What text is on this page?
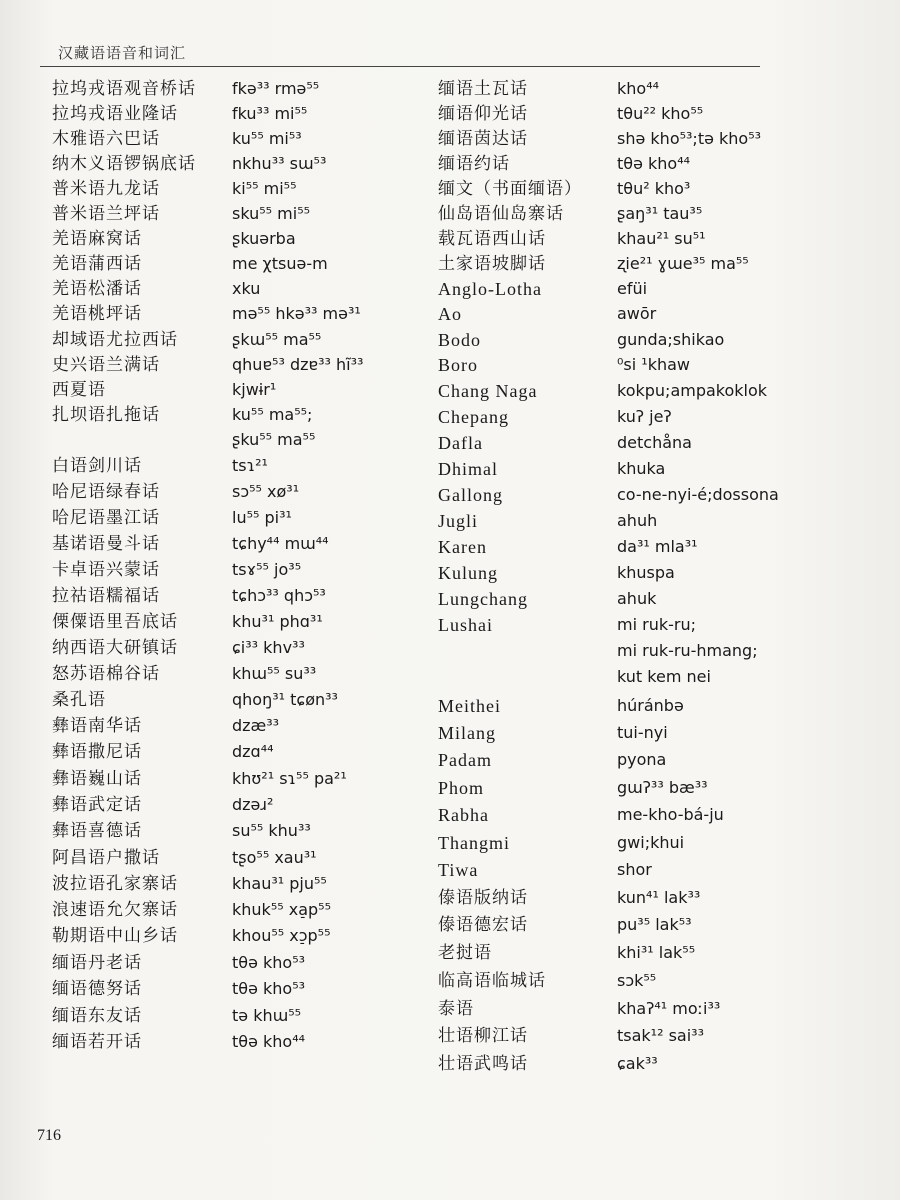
汉藏语语音和词汇
拉坞戎语观音桥话
拉坞戎语业隆话
木雅语六巴话
纳木义语锣锅底话
普米语九龙话
普米语兰坪话
羌语麻窝话
羌语蒲西话
羌语松潘话
羌语桃坪话
却域语尤拉西话
史兴语兰满话
西夏语
扎坝语扎拖话
白语剑川话
哈尼语绿春话
哈尼语墨江话
基诺语曼斗话
卡卓语兴蒙话
拉祜语糯福话
傈僳语里吾底话
纳西语大研镇话
怒苏语棉谷话
桑孔语
彝语南华话
彝语撒尼话
彝语巍山话
彝语武定话
彝语喜德话
阿昌语户撒话
波拉语孔家寨话
浪速语允欠寨话
勒期语中山乡话
缅语丹老话
缅语德努话
缅语东友话
缅语若开话
fkə³³ rmə⁵⁵
fku³³ mi⁵⁵
ku⁵⁵ mi⁵³
nkhu³³ sɯ⁵³
ki⁵⁵ mi⁵⁵
sku⁵⁵ mi⁵⁵
ʂkuərba
me χtsuə-m
xku
mə⁵⁵ hkə³³ mə³¹
ʂkɯ⁵⁵ ma⁵⁵
qhuɐ⁵³ dzɐ³³ hĩ³³
kjwɨr¹
ku⁵⁵ ma⁵⁵;
ʂku⁵⁵ ma⁵⁵
tsɿ²¹
sɔ⁵⁵ xø³¹
lu⁵⁵ pi³¹
tɕhy⁴⁴ mɯ⁴⁴
tsɤ⁵⁵ jo³⁵
tɕhɔ³³ qhɔ⁵³
khu³¹ phɑ³¹
ɕi³³ khv³³
khɯ⁵⁵ su³³
qhoŋ³¹ tɕøn³³
dzæ³³
dzɑ⁴⁴
khʊ²¹ sɿ⁵⁵ pa²¹
dzəɹ²
su⁵⁵ khu³³
tʂo⁵⁵ xau³¹
khau³¹ pju⁵⁵
khuk⁵⁵ xa̠p⁵⁵
khou⁵⁵ xɔ̠p⁵⁵
tθə kho⁵³
tθə kho⁵³
tə khɯ⁵⁵
tθə kho⁴⁴
缅语土瓦话
缅语仰光话
缅语茵达话
缅语约话
缅文（书面缅语）
仙岛语仙岛寨话
载瓦语西山话
土家语坡脚话
Anglo-Lotha
Ao
Bodo
Boro
Chang Naga
Chepang
Dafla
Dhimal
Gallong
Jugli
Karen
Kulung
Lungchang
Lushai
Meithei
Milang
Padam
Phom
Rabha
Thangmi
Tiwa
傣语版纳话
傣语德宏话
老挝语
临高语临城话
泰语
壮语柳江话
壮语武鸣话
kho⁴⁴
tθu²² kho⁵⁵
shə kho⁵³;tə kho⁵³
tθə kho⁴⁴
tθu² kho³
ʂaŋ³¹ tau³⁵
khau²¹ su⁵¹
ʐie²¹ ɣɯe³⁵ ma⁵⁵
efüi
awōr
gunda;shikao
⁰si ¹khaw
kokpu;ampakoklok
kuʔ jeʔ
detchåna
khuka
co-ne-nyi-é;dossona
ahuh
da³¹ mla³¹
khuspa
ahuk
mi ruk-ru;
mi ruk-ru-hmang;
kut kem nei
húránbə
tui-nyi
pyona
gɯʔ³³ bæ³³
me-kho-bá-ju
gwi;khui
shor
kun⁴¹ lak³³
pu³⁵ lak⁵³
khi³¹ lak⁵⁵
sɔk⁵⁵
khaʔ⁴¹ moːi³³
tsak¹² sai³³
ɕak³³
716
